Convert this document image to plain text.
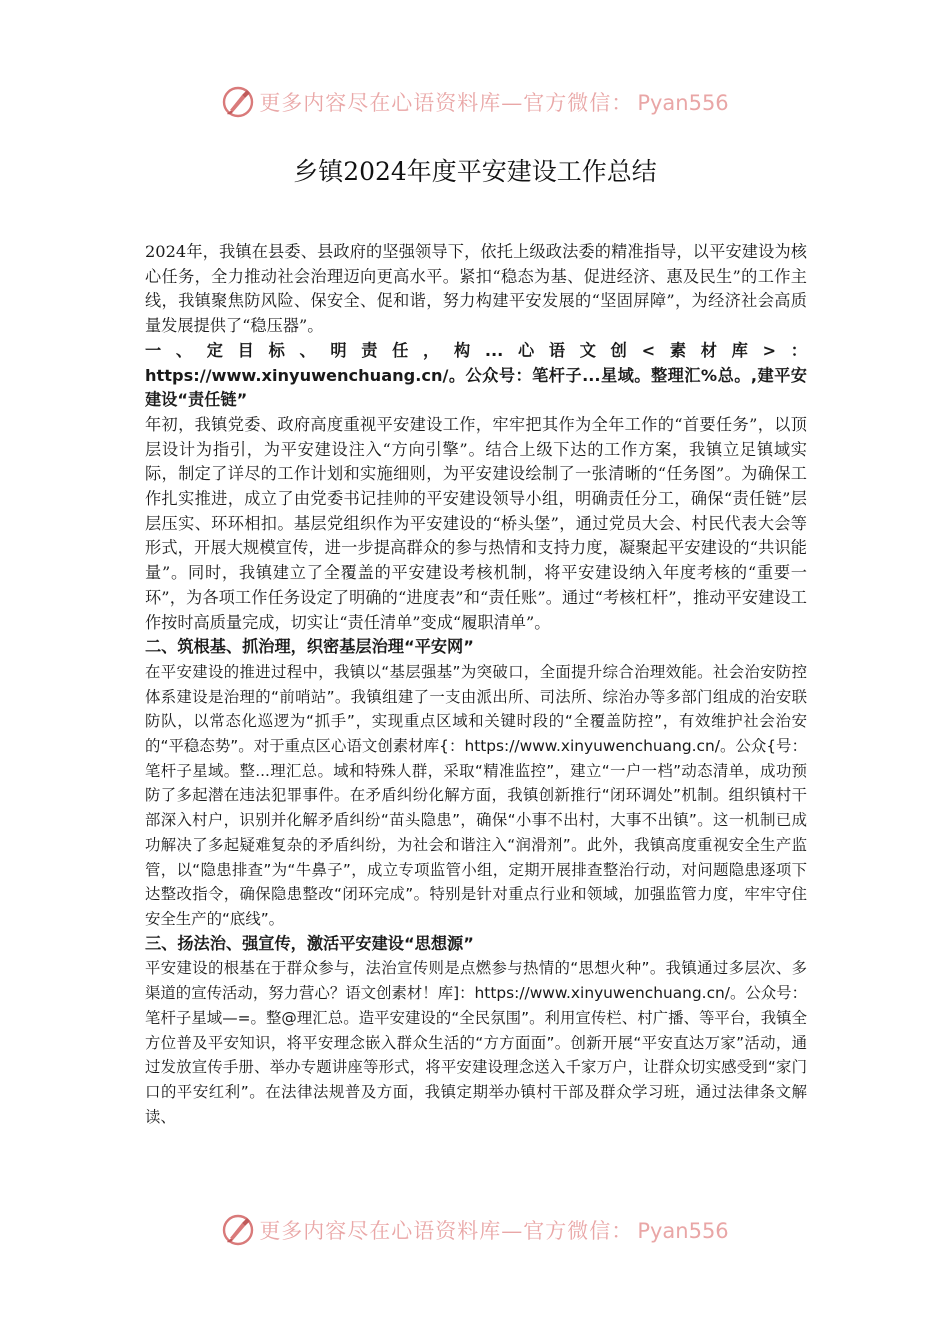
更多内容尽在心语资料库—官方微信： Pyan556
乡镇2024年度平安建设工作总结

2024年，我镇在县委、县政府的坚强领导下，依托上级政法委的精准指导，以平安建设为核心任务，全力推动社会治理迈向更高水平。紧扣“稳态为基、促进经济、惠及民生”的工作主线，我镇聚焦防风险、保安全、促和谐，努力构建平安发展的“坚固屏障”，为经济社会高质量发展提供了“稳压器”。

一、定目标、明责任，构...心语文创<素材库>：https://www.xinyuwenchuang.cn/。公众号：笔杆子...星域。整理汇%总。,建平安建设“责任链”

年初，我镇党委、政府高度重视平安建设工作，牢牢把其作为全年工作的“首要任务”，以顶层设计为指引，为平安建设注入“方向引擎”。结合上级下达的工作方案，我镇立足镇域实际，制定了详尽的工作计划和实施细则，为平安建设绘制了一张清晰的“任务图”。为确保工作扎实推进，成立了由党委书记挂帅的平安建设领导小组，明确责任分工，确保“责任链”层层压实、环环相扣。基层党组织作为平安建设的“桥头堡”，通过党员大会、村民代表大会等形式，开展大规模宣传，进一步提高群众的参与热情和支持力度，凝聚起平安建设的“共识能量”。同时，我镇建立了全覆盖的平安建设考核机制，将平安建设纳入年度考核的“重要一环”，为各项工作任务设定了明确的“进度表”和“责任账”。通过“考核杠杆”，推动平安建设工作按时高质量完成，切实让“责任清单”变成“履职清单”。

二、筑根基、抓治理，织密基层治理“平安网”

在平安建设的推进过程中，我镇以“基层强基”为突破口，全面提升综合治理效能。社会治安防控体系建设是治理的“前哨站”。我镇组建了一支由派出所、司法所、综治办等多部门组成的治安联防队，以常态化巡逻为“抓手”，实现重点区域和关键时段的“全覆盖防控”，有效维护社会治安的“平稳态势”。对于重点区心语文创素材库{：https://www.xinyuwenchuang.cn/。公众{号：笔杆子星域。整...理汇总。域和特殊人群，采取“精准监控”，建立“一户一档”动态清单，成功预防了多起潜在违法犯罪事件。在矛盾纠纷化解方面，我镇创新推行“闭环调处”机制。组织镇村干部深入村户，识别并化解矛盾纠纷“苗头隐患”，确保“小事不出村，大事不出镇”。这一机制已成功解决了多起疑难复杂的矛盾纠纷，为社会和谐注入“润滑剂”。此外，我镇高度重视安全生产监管，以“隐患排查”为“牛鼻子”，成立专项监管小组，定期开展排查整治行动，对问题隐患逐项下达整改指令，确保隐患整改“闭环完成”。特别是针对重点行业和领域，加强监管力度，牢牢守住安全生产的“底线”。

三、扬法治、强宣传，激活平安建设“思想源”

平安建设的根基在于群众参与，法治宣传则是点燃参与热情的“思想火种”。我镇通过多层次、多渠道的宣传活动，努力营心？语文创素材！库]：https://www.xinyuwenchuang.cn/。公众号：笔杆子星域—=。整@理汇总。造平安建设的“全民氛围”。利用宣传栏、村广播、等平台，我镇全方位普及平安知识，将平安理念嵌入群众生活的“方方面面”。创新开展“平安直达万家”活动，通过发放宣传手册、举办专题讲座等形式，将平安建设理念送入千家万户，让群众切实感受到“家门口的平安红利”。在法律法规普及方面，我镇定期举办镇村干部及群众学习班，通过法律条文解读、

更多内容尽在心语资料库—官方微信： Pyan556
